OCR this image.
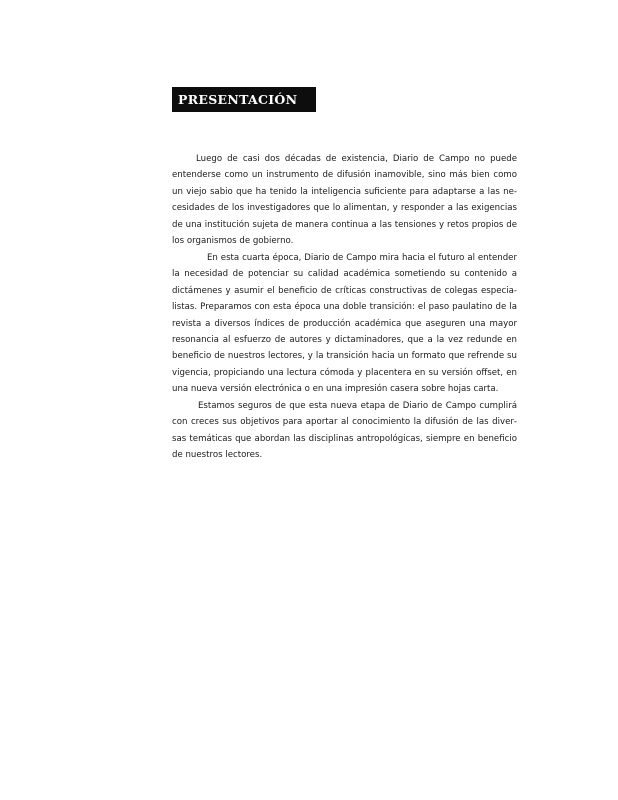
PRESENTACIÓN

Luego de casi dos décadas de existencia, Diario de Campo no puede entenderse como un instrumento de difusión inamovible, sino más bien como un viejo sabio que ha tenido la inteligencia suficiente para adaptarse a las necesidades de los investigadores que lo alimentan, y responder a las exigencias de una institución sujeta de manera continua a las tensiones y retos propios de los organismos de gobierno.

En esta cuarta época, Diario de Campo mira hacia el futuro al entender la necesidad de potenciar su calidad académica sometiendo su contenido a dictámenes y asumir el beneficio de críticas constructivas de colegas especialistas. Preparamos con esta época una doble transición: el paso paulatino de la revista a diversos índices de producción académica que aseguren una mayor resonancia al esfuerzo de autores y dictaminadores, que a la vez redunde en beneficio de nuestros lectores, y la transición hacia un formato que refrende su vigencia, propiciando una lectura cómoda y placentera en su versión offset, en una nueva versión electrónica o en una impresión casera sobre hojas carta.

Estamos seguros de que esta nueva etapa de Diario de Campo cumplirá con creces sus objetivos para aportar al conocimiento la difusión de las diversas temáticas que abordan las disciplinas antropológicas, siempre en beneficio de nuestros lectores.
